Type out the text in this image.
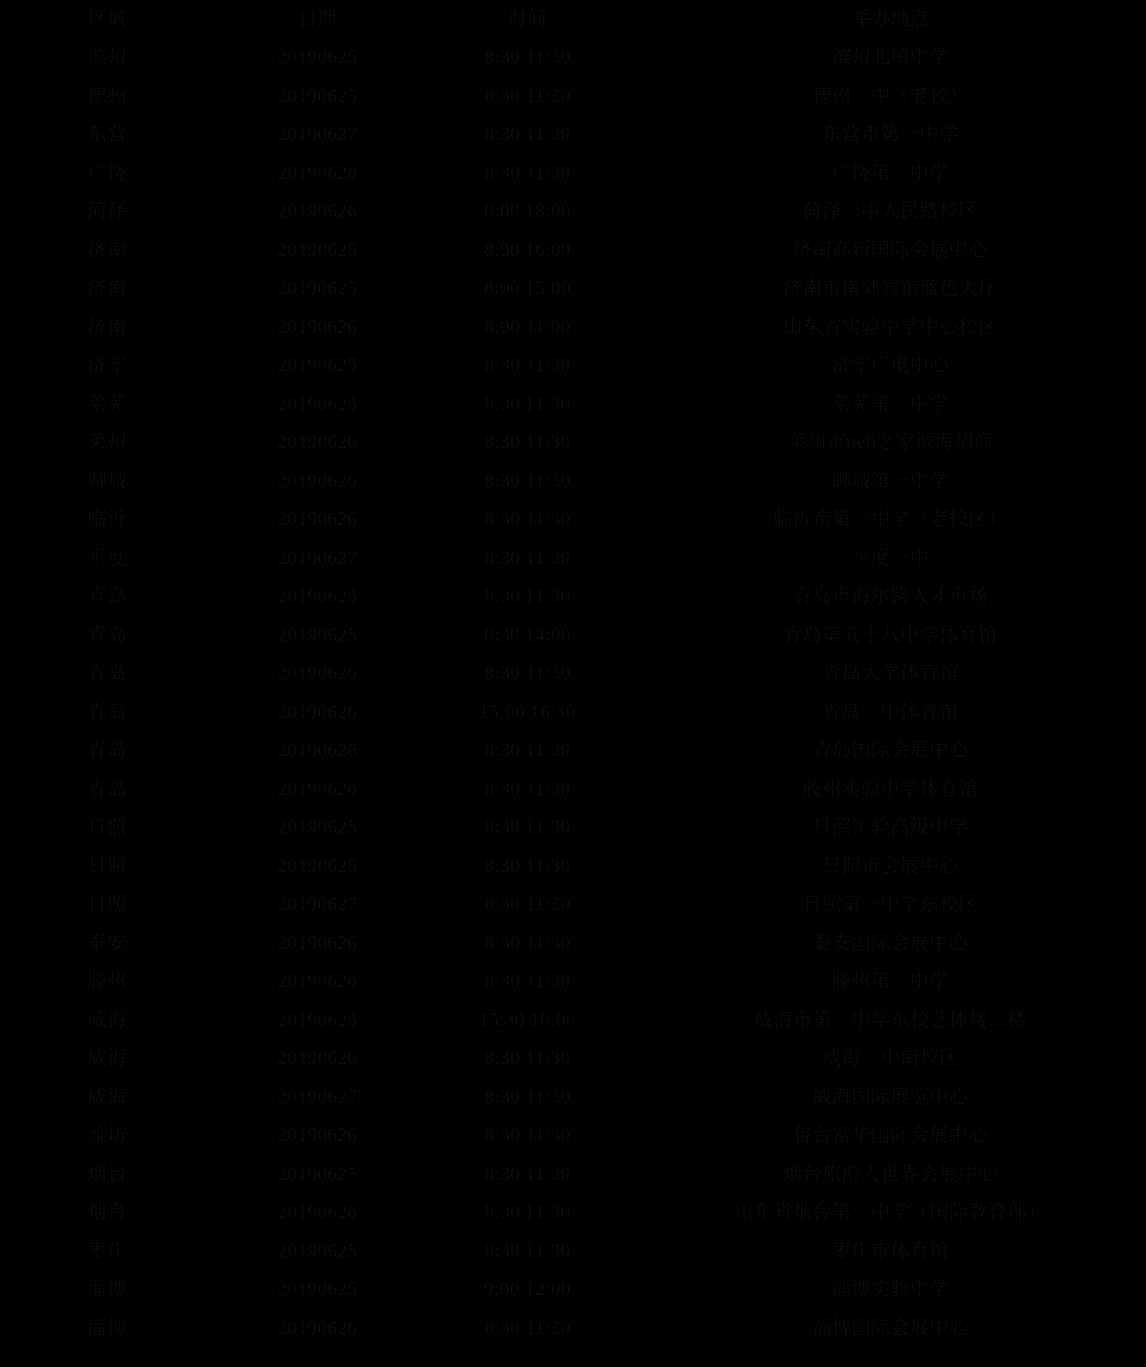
区域	日期	时间	举办地点
滨州	20190625	8:30 11:30	滨州北镇中学
德州	20190625	8:30 11:30	德州一中（老校）
东营	20190627	8:30 11:30	东营市第一中学
广饶	20190628	8:30 11:30	广饶第一中学
菏泽	20190626	8:00 18:00	菏泽一中人民路校区
济南	20190625	8:00 16:00	济南高新国际会展中心
济南	20190625	8:00 15:00	济南市南郊宾馆蓝色大厅
济南	20190626	8:00 11:00	山东省实验中学中心校区
济宁	20190625	8:30 11:30	济宁广电中心
莱芜	20190625	8:30 11:30	莱芜第一中学
莱州	20190626	8:30 11:30	莱州市ней之家源海招商
聊城	20190626	8:30 11:30	聊城第一中学
临沂	20190626	8:30 11:30	临沂市第一中学（老校区）
平度	20190627	8:30 11:30	平度一中
青岛	20190625	8:30 11:30	青岛市海尔路人才市场
青岛	20190625	8:30 14:00	青岛第五十八中学体育馆
青岛	20190626	8:30 11:30	青岛大学体育馆
青岛	20190626	15:00 16:30	青岛二中体育馆
青岛	20190626	8:30 11:30	青岛国际会展中心
青岛	20190626	8:30 11:30	胶州实验中学体育馆
日照	20190625	8:30 11:30	日照实验高级中学
日照	20190625	8:30 11:30	日照市会展中心
日照	20190627	8:30 11:30	日照第一中学东校区
泰安	20190626	8:30 11:30	泰安国际会展中心
滕州	20190626	8:30 11:30	滕州第一中学
威海	20190625	15:30 18:00	威海市第一中学东校艺体楼二楼
威海	20190626	8:30 11:30	威海二中南校区
威海	20190627	8:30 11:30	威海国际展览中心
潍坊	20190626	8:30 11:30	鲁台富华国际会展中心
烟台	20190625	8:30 11:30	烟台旅游人世界会展中心
烟台	20190626	8:30 11:30	山东省烟台第一中学（国际教育部）
枣庄	20190625	8:30 11:30	枣庄市体育馆
淄博	20190625	9:00 12:00	淄博实验中学
淄博	20190626	8:30 11:30	淄博国际会展中心
